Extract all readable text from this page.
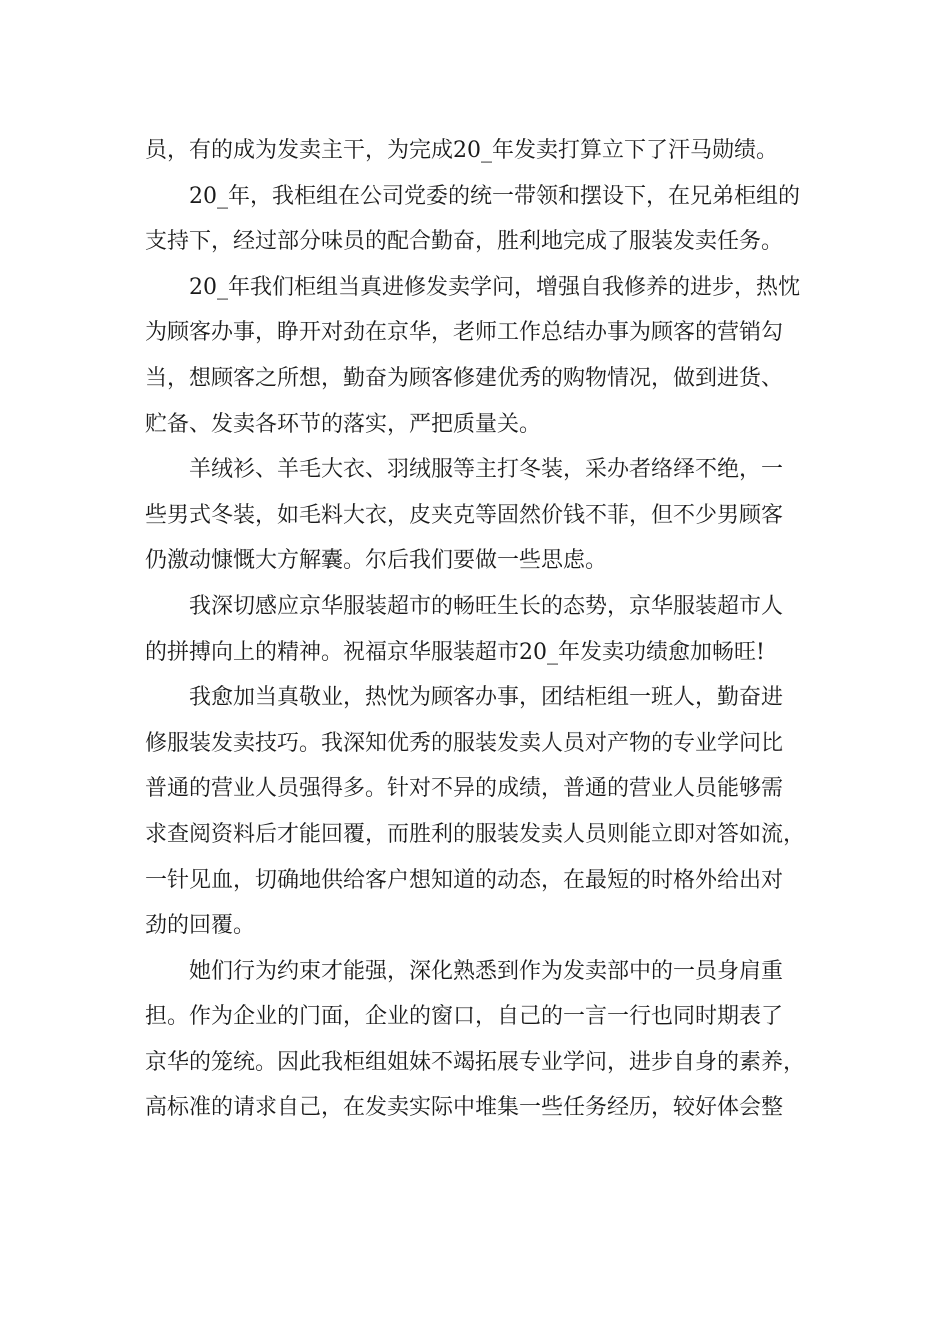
员，有的成为发卖主干，为完成20_年发卖打算立下了汗马勋绩。
20_年，我柜组在公司党委的统一带领和摆设下，在兄弟柜组的
支持下，经过部分味员的配合勤奋，胜利地完成了服装发卖任务。
20_年我们柜组当真进修发卖学问，增强自我修养的进步，热忱
为顾客办事，睁开对劲在京华，老师工作总结办事为顾客的营销勾
当，想顾客之所想，勤奋为顾客修建优秀的购物情况，做到进货、
贮备、发卖各环节的落实，严把质量关。
羊绒衫、羊毛大衣、羽绒服等主打冬装，采办者络绎不绝，一
些男式冬装，如毛料大衣，皮夹克等固然价钱不菲，但不少男顾客
仍激动慷慨大方解囊。尔后我们要做一些思虑。
我深切感应京华服装超市的畅旺生长的态势，京华服装超市人
的拼搏向上的精神。祝福京华服装超市20_年发卖功绩愈加畅旺!
我愈加当真敬业，热忱为顾客办事，团结柜组一班人，勤奋进
修服装发卖技巧。我深知优秀的服装发卖人员对产物的专业学问比
普通的营业人员强得多。针对不异的成绩，普通的营业人员能够需
求查阅资料后才能回覆，而胜利的服装发卖人员则能立即对答如流，
一针见血，切确地供给客户想知道的动态，在最短的时格外给出对
劲的回覆。
她们行为约束才能强，深化熟悉到作为发卖部中的一员身肩重
担。作为企业的门面，企业的窗口，自己的一言一行也同时期表了
京华的笼统。因此我柜组姐妹不竭拓展专业学问，进步自身的素养，
高标准的请求自己，在发卖实际中堆集一些任务经历，较好体会整
